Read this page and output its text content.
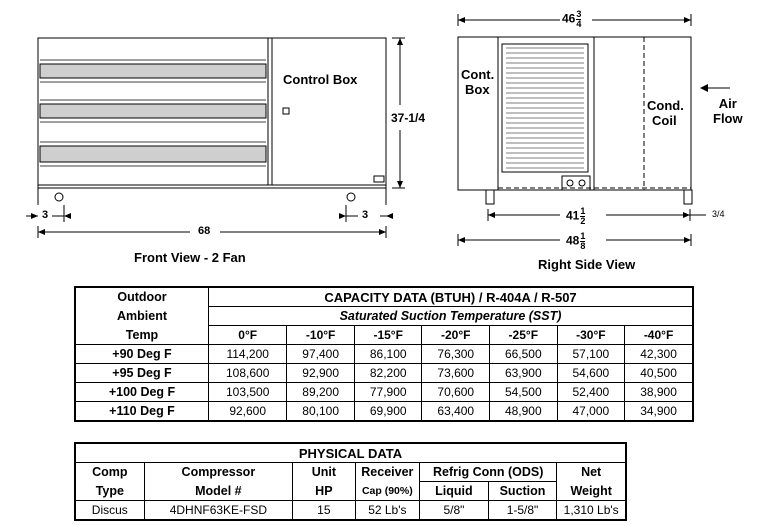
Control Box
37-1/4
3	3
68
Front View - 2 Fan
$46 \frac{3}{4}$
Cont.
Box
Cond.
Coil
Air
Flow
$41 \frac{1}{2}$	3/4
$48 \frac{1}{8}$
Right Side View
Outdoor	CAPACITY DATA (BTUH) / R-404A / R-507						
Ambient	Saturated Suction Temperature (SST)						
Temp	0°F	-10°F	-15°F	-20°F	-25°F	-30°F	-40°F
+90 Deg F	114,200	97,400	86,100	76,300	66,500	57,100	42,300
+95 Deg F	108,600	92,900	82,200	73,600	63,900	54,600	40,500
+100 Deg F	103,500	89,200	77,900	70,600	54,500	52,400	38,900
+110 Deg F	92,600	80,100	69,900	63,400	48,900	47,000	34,900
PHYSICAL DATA						
Comp	Compressor	Unit	Receiver	Refrig Conn (ODS)		Net
Type	Model #	HP	Cap (90%)	Liquid	Suction	Weight
Discus	4DHNF63KE-FSD	15	52 Lb's	5/8"	1-5/8"	1,310 Lb's
